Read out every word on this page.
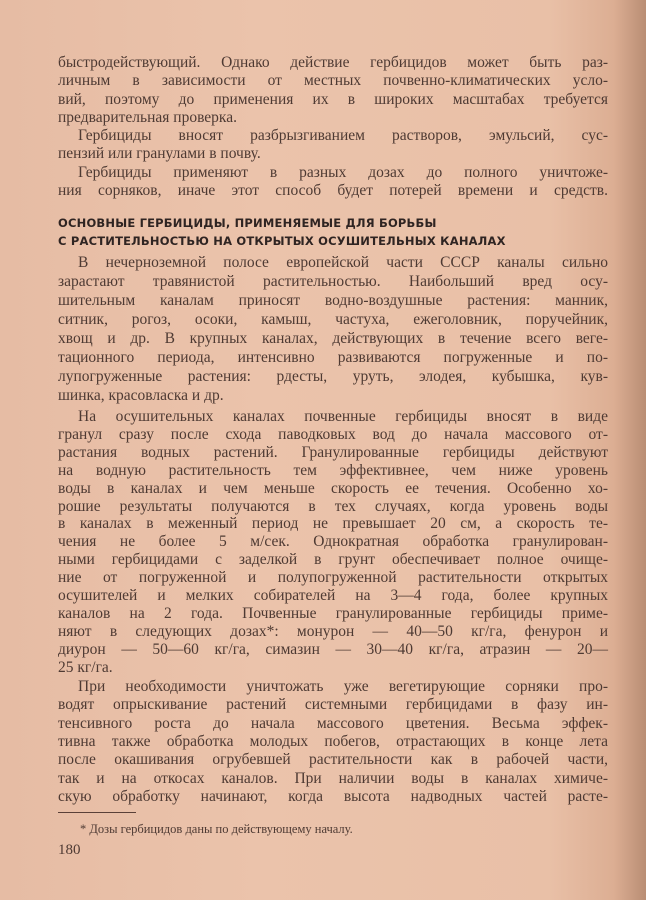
быстродействующий. Однако действие гербицидов может быть раз-
личным в зависимости от местных почвенно-климатических усло-
вий, поэтому до применения их в широких масштабах требуется
предварительная проверка.
Гербициды вносят разбрызгиванием растворов, эмульсий, сус-
пензий или гранулами в почву.
Гербициды применяют в разных дозах до полного уничтоже-
ния сорняков, иначе этот способ будет потерей времени и средств.
В нечерноземной полосе европейской части СССР каналы сильно
зарастают травянистой растительностью. Наибольший вред осу-
шительным каналам приносят водно-воздушные растения: манник,
ситник, рогоз, осоки, камыш, частуха, ежеголовник, поручейник,
хвощ и др. В крупных каналах, действующих в течение всего веге-
тационного периода, интенсивно развиваются погруженные и по-
лупогруженные растения: рдесты, уруть, элодея, кубышка, кув-
шинка, красовласка и др.
На осушительных каналах почвенные гербициды вносят в виде
гранул сразу после схода паводковых вод до начала массового от-
растания водных растений. Гранулированные гербициды действуют
на водную растительность тем эффективнее, чем ниже уровень
воды в каналах и чем меньше скорость ее течения. Особенно хо-
рошие результаты получаются в тех случаях, когда уровень воды
в каналах в меженный период не превышает 20 см, а скорость те-
чения не более 5 м/сек. Однократная обработка гранулирован-
ными гербицидами с заделкой в грунт обеспечивает полное очище-
ние от погруженной и полупогруженной растительности открытых
осушителей и мелких собирателей на 3—4 года, более крупных
каналов на 2 года. Почвенные гранулированные гербициды приме-
няют в следующих дозах*: монурон — 40—50 кг/га, фенурон и
диурон — 50—60 кг/га, симазин — 30—40 кг/га, атразин — 20—
25 кг/га.
При необходимости уничтожать уже вегетирующие сорняки про-
водят опрыскивание растений системными гербицидами в фазу ин-
тенсивного роста до начала массового цветения. Весьма эффек-
тивна также обработка молодых побегов, отрастающих в конце лета
после окашивания огрубевшей растительности как в рабочей части,
так и на откосах каналов. При наличии воды в каналах химиче-
скую обработку начинают, когда высота надводных частей расте-
ОСНОВНЫЕ ГЕРБИЦИДЫ, ПРИМЕНЯЕМЫЕ ДЛЯ БОРЬБЫ
С РАСТИТЕЛЬНОСТЬЮ НА ОТКРЫТЫХ ОСУШИТЕЛЬНЫХ КАНАЛАХ
* Дозы гербицидов даны по действующему началу.
180
